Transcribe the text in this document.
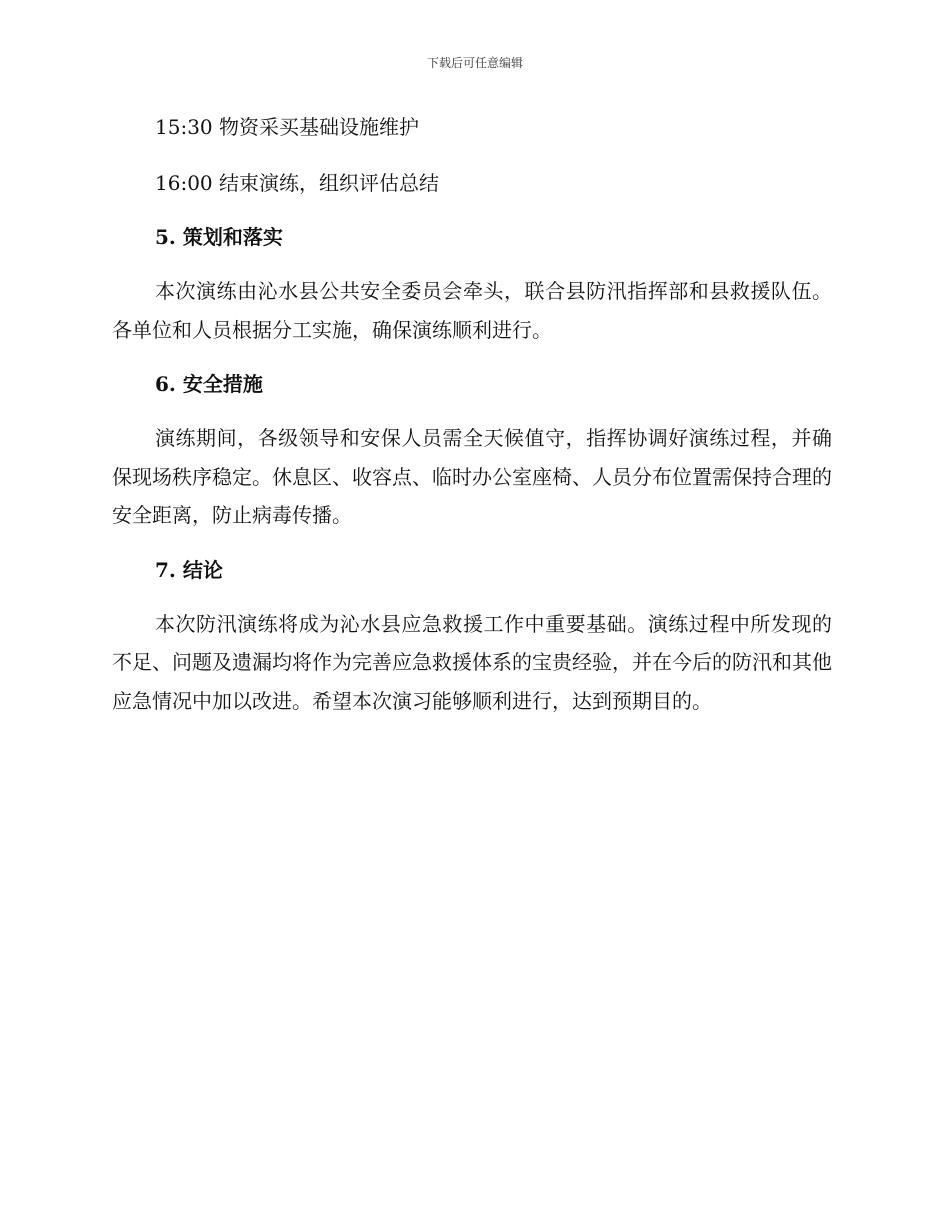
下载后可任意编辑

15:30 物资采买基础设施维护

16:00 结束演练，组织评估总结

5. 策划和落实

本次演练由沁水县公共安全委员会牵头，联合县防汛指挥部和县救援队伍。各单位和人员根据分工实施，确保演练顺利进行。

6. 安全措施

演练期间，各级领导和安保人员需全天候值守，指挥协调好演练过程，并确保现场秩序稳定。休息区、收容点、临时办公室座椅、人员分布位置需保持合理的安全距离，防止病毒传播。

7. 结论

本次防汛演练将成为沁水县应急救援工作中重要基础。演练过程中所发现的不足、问题及遗漏均将作为完善应急救援体系的宝贵经验，并在今后的防汛和其他应急情况中加以改进。希望本次演习能够顺利进行，达到预期目的。
